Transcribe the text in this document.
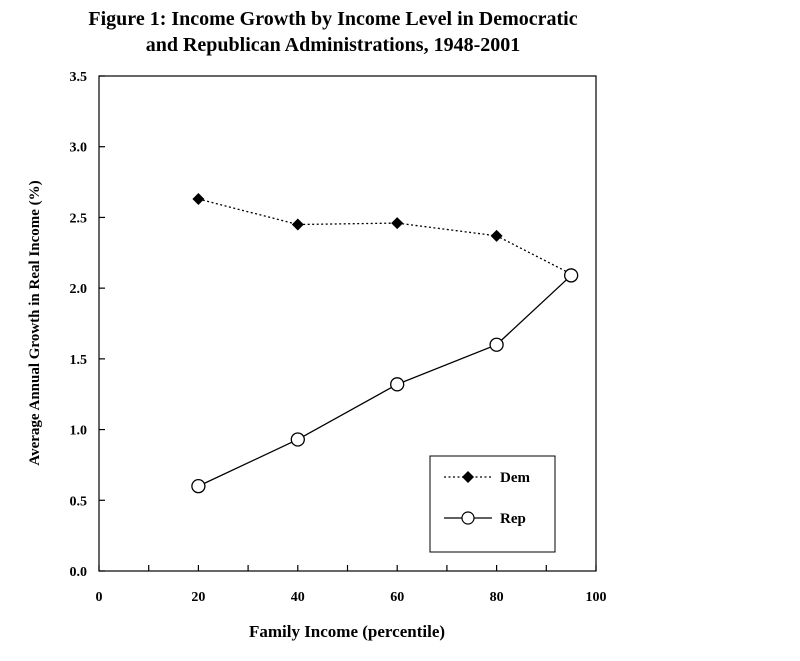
Figure 1: Income Growth by Income Level in Democratic
and Republican Administrations, 1948-2001
0.0
0.5
1.0
1.5
2.0
2.5
3.0
3.5
0	20	40	60	80	100
Family Income (percentile)
Average Annual Growth in Real Income (%)
Dem
Rep
